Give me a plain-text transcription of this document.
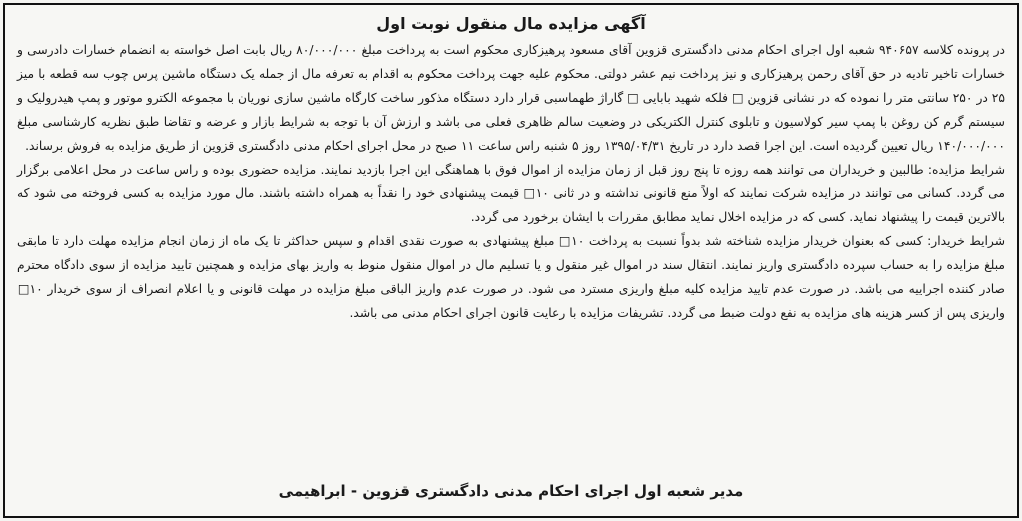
آگهی مزایده مال منقول نوبت اول

در پرونده کلاسه ۹۴۰۶۵۷ شعبه اول اجرای احکام مدنی دادگستری قزوین آقای مسعود پرهیزکاری محکوم است به پرداخت مبلغ ۸۰/۰۰۰/۰۰۰ ریال بابت اصل خواسته به انضمام خسارات دادرسی و خسارات تاخیر تادیه در حق آقای رحمن پرهیزکاری و نیز پرداخت نیم عشر دولتی. محکوم علیه جهت پرداخت محکوم به اقدام به تعرفه مال از جمله یک دستگاه ماشین پرس چوب سه قطعه با میز ۲۵ در ۲۵۰ سانتی متر را نموده که در نشانی قزوین □ فلکه شهید بابایی □ گاراژ طهماسبی قرار دارد دستگاه مذکور ساخت کارگاه ماشین سازی نوریان با مجموعه الکترو موتور و پمپ هیدرولیک و سیستم گرم کن روغن با پمپ سیر کولاسیون و تابلوی کنترل الکتریکی در وضعیت سالم ظاهری فعلی می باشد و ارزش آن با توجه به شرایط بازار و عرضه و تقاضا طبق نظریه کارشناسی مبلغ ۱۴۰/۰۰۰/۰۰۰ ریال تعیین گردیده است. این اجرا قصد دارد در تاریخ ۱۳۹۵/۰۴/۳۱ روز ۵ شنبه راس ساعت ۱۱ صبح در محل اجرای احکام مدنی دادگستری قزوین از طریق مزایده به فروش برساند.

شرایط مزایده: طالبین و خریداران می توانند همه روزه تا پنج روز قبل از زمان مزایده از اموال فوق با هماهنگی این اجرا بازدید نمایند. مزایده حضوری بوده و راس ساعت در محل اعلامی برگزار می گردد. کسانی می توانند در مزایده شرکت نمایند که اولاً منع قانونی نداشته و در ثانی ۱۰□ قیمت پیشنهادی خود را نقداً به همراه داشته باشند. مال مورد مزایده به کسی فروخته می شود که بالاترین قیمت را پیشنهاد نماید. کسی که در مزایده اخلال نماید مطابق مقررات با ایشان برخورد می گردد.

شرایط خریدار: کسی که بعنوان خریدار مزایده شناخته شد بدواً نسبت به پرداخت ۱۰□ مبلغ پیشنهادی به صورت نقدی اقدام و سپس حداکثر تا یک ماه از زمان انجام مزایده مهلت دارد تا مابقی مبلغ مزایده را به حساب سپرده دادگستری واریز نمایند. انتقال سند در اموال غیر منقول و یا تسلیم مال در اموال منقول منوط به واریز بهای مزایده و همچنین تایید مزایده از سوی دادگاه محترم صادر کننده اجراییه می باشد. در صورت عدم تایید مزایده کلیه مبلغ واریزی مسترد می شود. در صورت عدم واریز الباقی مبلغ مزایده در مهلت قانونی و یا اعلام انصراف از سوی خریدار ۱۰□ واریزی پس از کسر هزینه های مزایده به نفع دولت ضبط می گردد. تشریفات مزایده با رعایت قانون اجرای احکام مدنی می باشد.

مدیر شعبه اول اجرای احکام مدنی دادگستری قزوین - ابراهیمی
